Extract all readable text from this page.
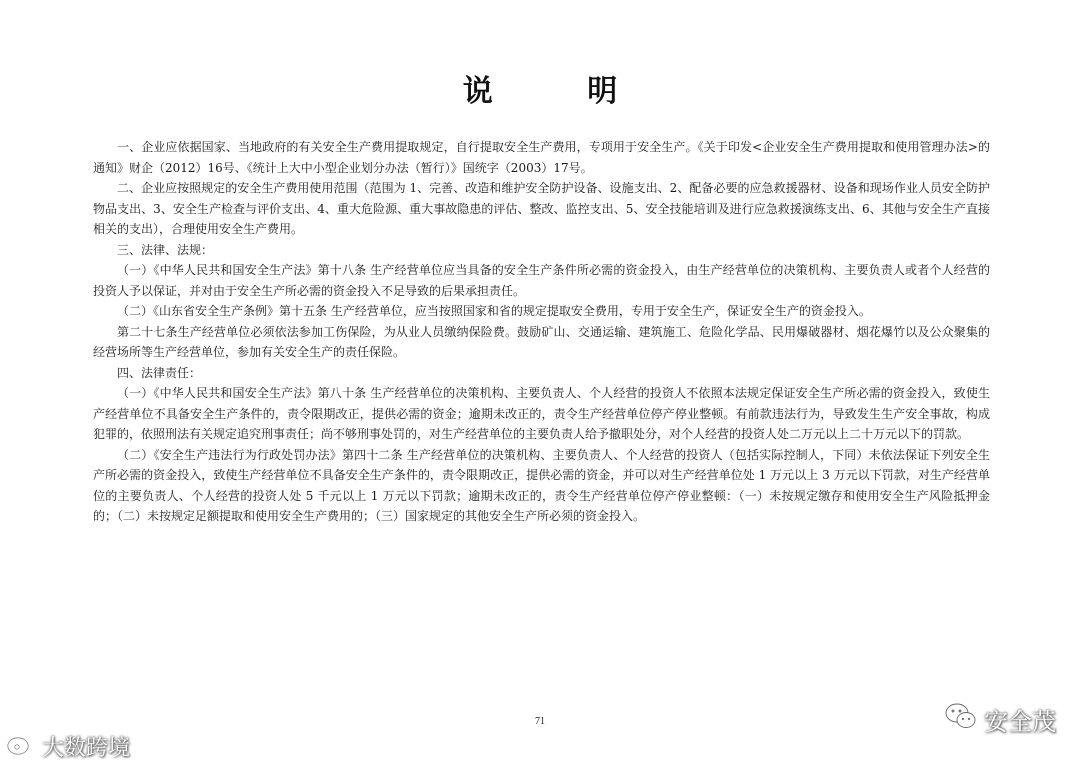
说 明

一、企业应依据国家、当地政府的有关安全生产费用提取规定，自行提取安全生产费用，专项用于安全生产。《关于印发<企业安全生产费用提取和使用管理办法>的通知》财企（2012）16号、《统计上大中小型企业划分办法（暂行）》国统字（2003）17号。

二、企业应按照规定的安全生产费用使用范围（范围为 1、完善、改造和维护安全防护设备、设施支出、2、配备必要的应急救援器材、设备和现场作业人员安全防护物品支出、3、安全生产检查与评价支出、4、重大危险源、重大事故隐患的评估、整改、监控支出、5、安全技能培训及进行应急救援演练支出、6、其他与安全生产直接相关的支出），合理使用安全生产费用。

三、法律、法规：

（一）《中华人民共和国安全生产法》第十八条 生产经营单位应当具备的安全生产条件所必需的资金投入，由生产经营单位的决策机构、主要负责人或者个人经营的投资人予以保证，并对由于安全生产所必需的资金投入不足导致的后果承担责任。

（二）《山东省安全生产条例》第十五条 生产经营单位，应当按照国家和省的规定提取安全费用，专用于安全生产，保证安全生产的资金投入。

第二十七条生产经营单位必须依法参加工伤保险，为从业人员缴纳保险费。鼓励矿山、交通运输、建筑施工、危险化学品、民用爆破器材、烟花爆竹以及公众聚集的经营场所等生产经营单位，参加有关安全生产的责任保险。

四、法律责任：

（一）《中华人民共和国安全生产法》第八十条 生产经营单位的决策机构、主要负责人、个人经营的投资人不依照本法规定保证安全生产所必需的资金投入，致使生产经营单位不具备安全生产条件的，责令限期改正，提供必需的资金；逾期未改正的，责令生产经营单位停产停业整顿。有前款违法行为，导致发生生产安全事故，构成犯罪的，依照刑法有关规定追究刑事责任；尚不够刑事处罚的，对生产经营单位的主要负责人给予撤职处分，对个人经营的投资人处二万元以上二十万元以下的罚款。

（二）《安全生产违法行为行政处罚办法》第四十二条 生产经营单位的决策机构、主要负责人、个人经营的投资人（包括实际控制人，下同）未依法保证下列安全生产所必需的资金投入，致使生产经营单位不具备安全生产条件的，责令限期改正，提供必需的资金，并可以对生产经营单位处 1 万元以上 3 万元以下罚款，对生产经营单位的主要负责人、个人经营的投资人处 5 千元以上 1 万元以下罚款；逾期未改正的，责令生产经营单位停产停业整顿：（一）未按规定缴存和使用安全生产风险抵押金的；（二）未按规定足额提取和使用安全生产费用的；（三）国家规定的其他安全生产所必须的资金投入。

71
大数跨境
安全茂
